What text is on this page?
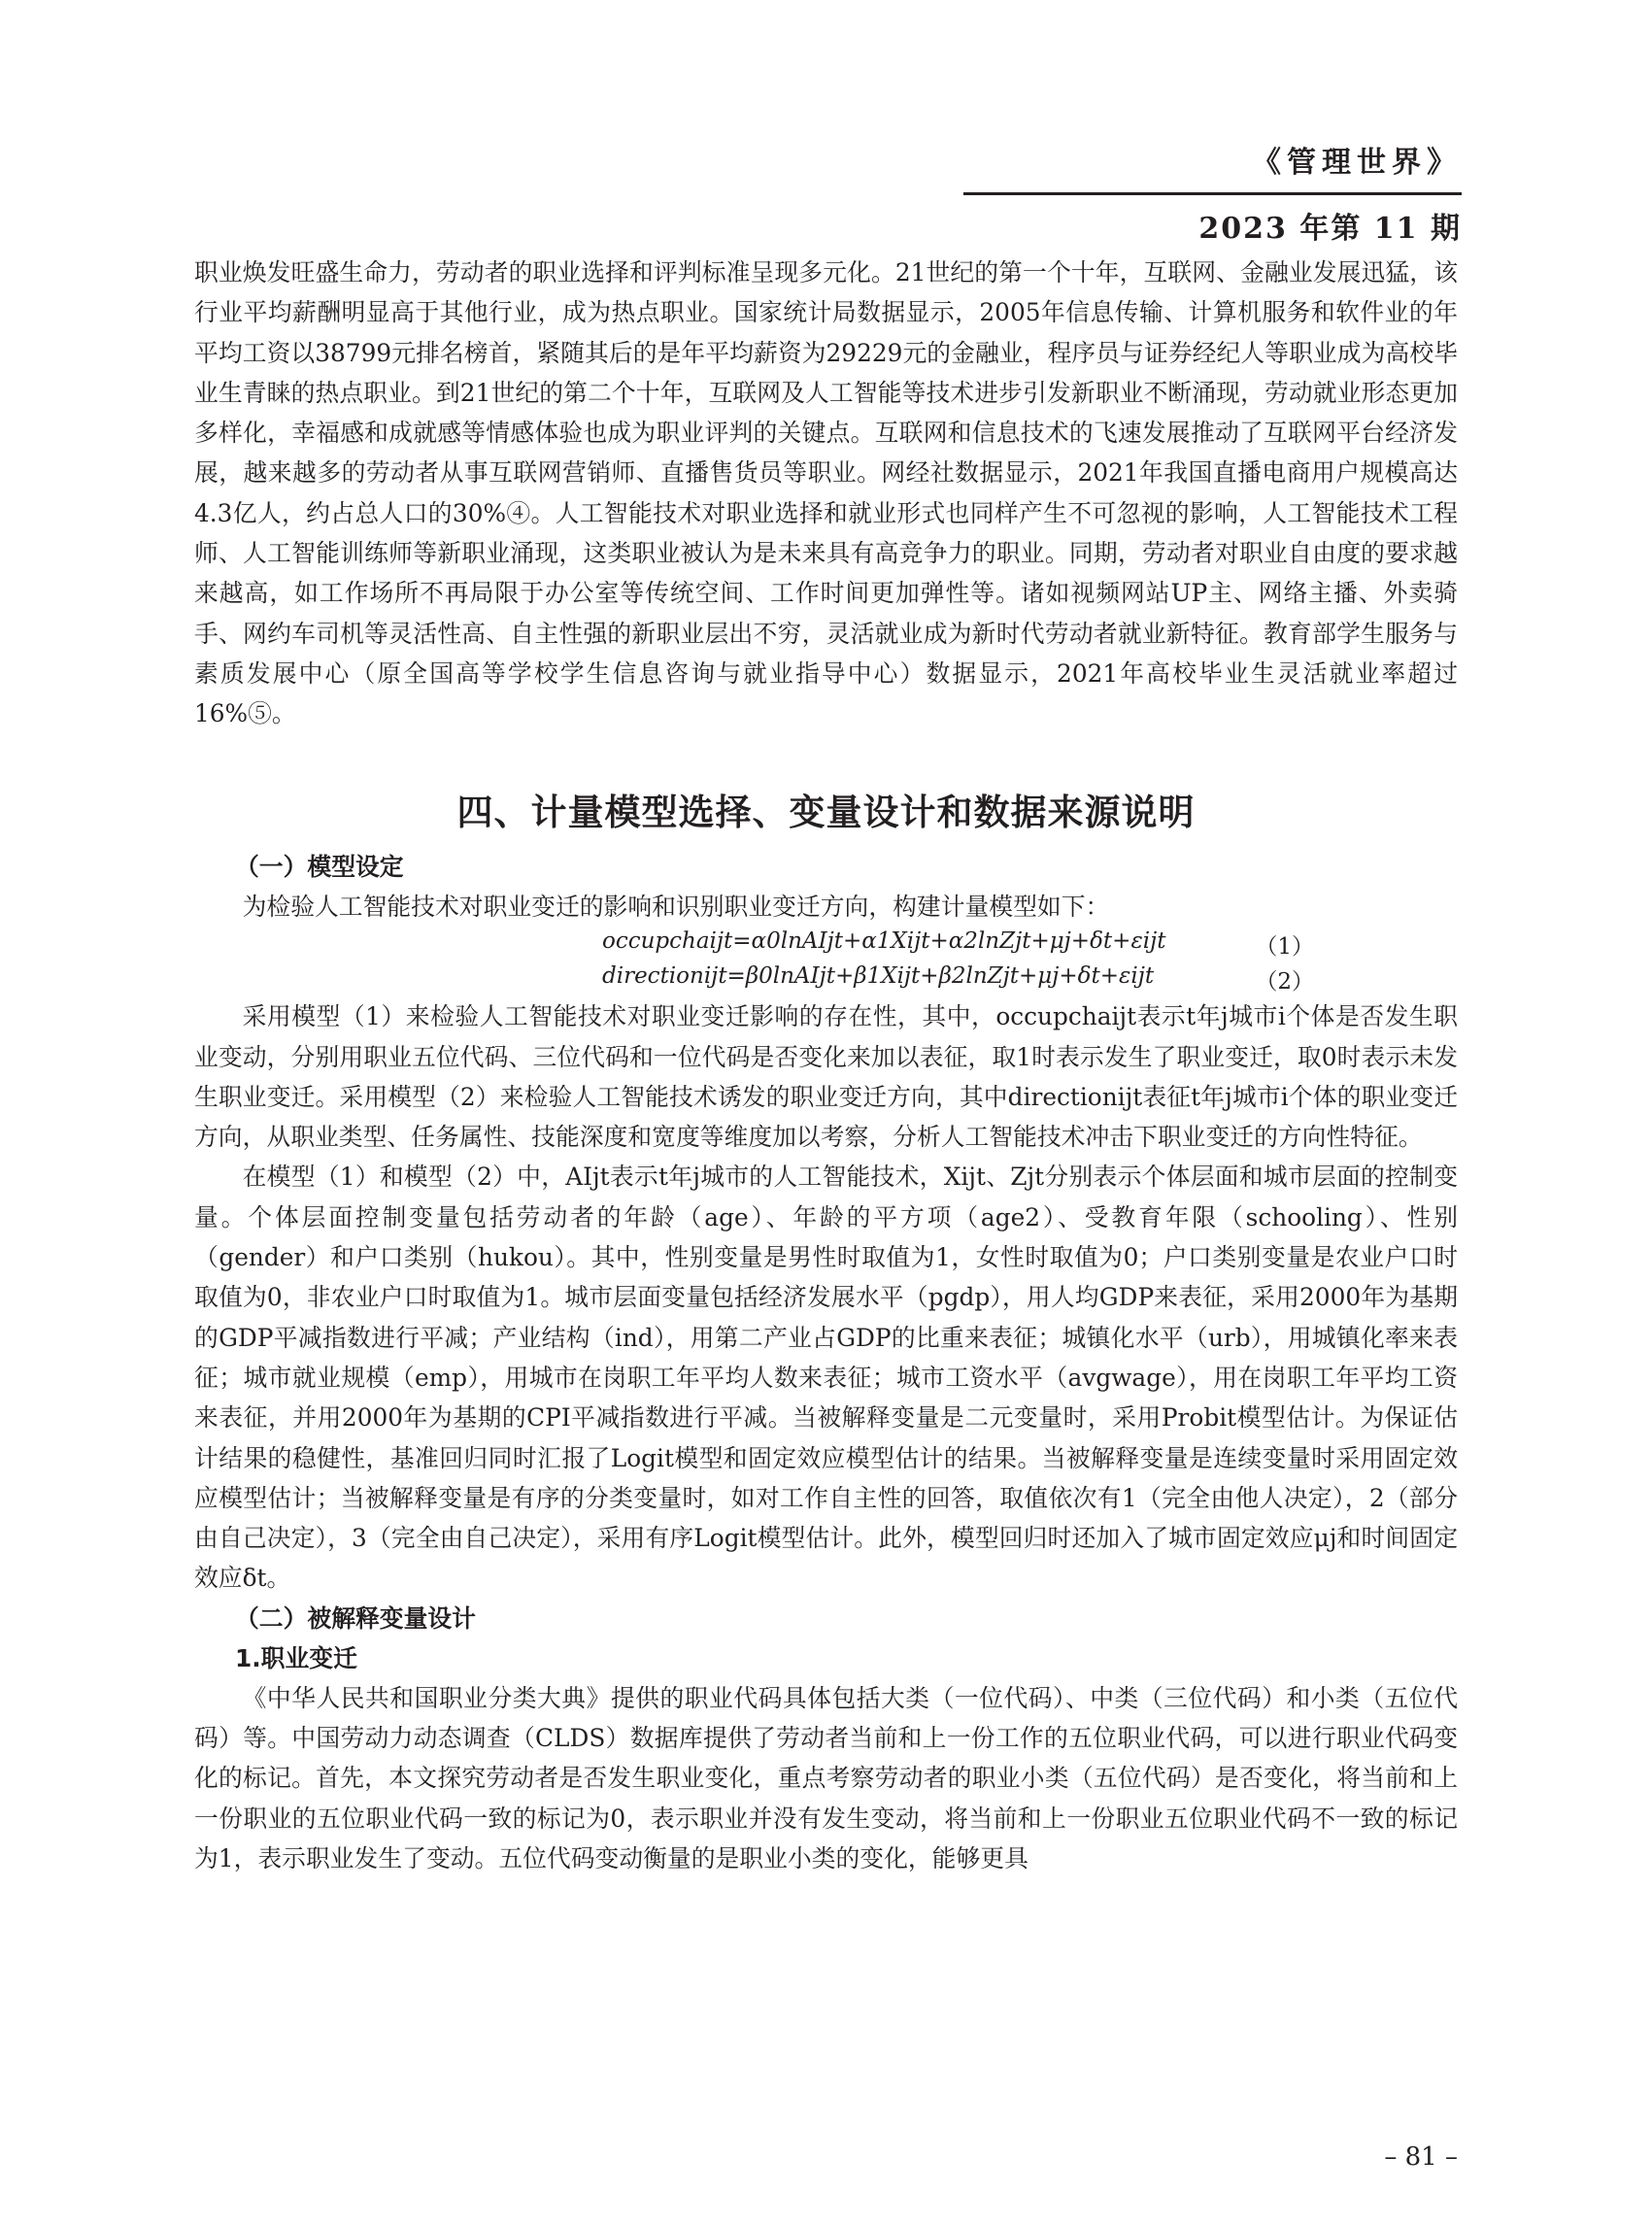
《管理世界》
2023 年第 11 期

职业焕发旺盛生命力，劳动者的职业选择和评判标准呈现多元化。21世纪的第一个十年，互联网、金融业发展迅猛，该行业平均薪酬明显高于其他行业，成为热点职业。国家统计局数据显示，2005年信息传输、计算机服务和软件业的年平均工资以38799元排名榜首，紧随其后的是年平均薪资为29229元的金融业，程序员与证券经纪人等职业成为高校毕业生青睐的热点职业。到21世纪的第二个十年，互联网及人工智能等技术进步引发新职业不断涌现，劳动就业形态更加多样化，幸福感和成就感等情感体验也成为职业评判的关键点。互联网和信息技术的飞速发展推动了互联网平台经济发展，越来越多的劳动者从事互联网营销师、直播售货员等职业。网经社数据显示，2021年我国直播电商用户规模高达4.3亿人，约占总人口的30%④。人工智能技术对职业选择和就业形式也同样产生不可忽视的影响，人工智能技术工程师、人工智能训练师等新职业涌现，这类职业被认为是未来具有高竞争力的职业。同期，劳动者对职业自由度的要求越来越高，如工作场所不再局限于办公室等传统空间、工作时间更加弹性等。诸如视频网站UP主、网络主播、外卖骑手、网约车司机等灵活性高、自主性强的新职业层出不穷，灵活就业成为新时代劳动者就业新特征。教育部学生服务与素质发展中心（原全国高等学校学生信息咨询与就业指导中心）数据显示，2021年高校毕业生灵活就业率超过16%⑤。

四、计量模型选择、变量设计和数据来源说明
（一）模型设定

为检验人工智能技术对职业变迁的影响和识别职业变迁方向，构建计量模型如下：

occupchaijt=α0lnAIjt+α1Xijt+α2lnZjt+μj+δt+εijt	（1）
directionijt=β0lnAIjt+β1Xijt+β2lnZjt+μj+δt+εijt	（2）

采用模型（1）来检验人工智能技术对职业变迁影响的存在性，其中，occupchaijt表示t年j城市i个体是否发生职业变动，分别用职业五位代码、三位代码和一位代码是否变化来加以表征，取1时表示发生了职业变迁，取0时表示未发生职业变迁。采用模型（2）来检验人工智能技术诱发的职业变迁方向，其中directionijt表征t年j城市i个体的职业变迁方向，从职业类型、任务属性、技能深度和宽度等维度加以考察，分析人工智能技术冲击下职业变迁的方向性特征。

在模型（1）和模型（2）中，AIjt表示t年j城市的人工智能技术，Xijt、Zjt分别表示个体层面和城市层面的控制变量。个体层面控制变量包括劳动者的年龄（age）、年龄的平方项（age2）、受教育年限（schooling）、性别（gender）和户口类别（hukou）。其中，性别变量是男性时取值为1，女性时取值为0；户口类别变量是农业户口时取值为0，非农业户口时取值为1。城市层面变量包括经济发展水平（pgdp），用人均GDP来表征，采用2000年为基期的GDP平减指数进行平减；产业结构（ind），用第二产业占GDP的比重来表征；城镇化水平（urb），用城镇化率来表征；城市就业规模（emp），用城市在岗职工年平均人数来表征；城市工资水平（avgwage），用在岗职工年平均工资来表征，并用2000年为基期的CPI平减指数进行平减。当被解释变量是二元变量时，采用Probit模型估计。为保证估计结果的稳健性，基准回归同时汇报了Logit模型和固定效应模型估计的结果。当被解释变量是连续变量时采用固定效应模型估计；当被解释变量是有序的分类变量时，如对工作自主性的回答，取值依次有1（完全由他人决定），2（部分由自己决定），3（完全由自己决定），采用有序Logit模型估计。此外，模型回归时还加入了城市固定效应μj和时间固定效应δt。

（二）被解释变量设计
1.职业变迁

《中华人民共和国职业分类大典》提供的职业代码具体包括大类（一位代码）、中类（三位代码）和小类（五位代码）等。中国劳动力动态调查（CLDS）数据库提供了劳动者当前和上一份工作的五位职业代码，可以进行职业代码变化的标记。首先，本文探究劳动者是否发生职业变化，重点考察劳动者的职业小类（五位代码）是否变化，将当前和上一份职业的五位职业代码一致的标记为0，表示职业并没有发生变动，将当前和上一份职业五位职业代码不一致的标记为1，表示职业发生了变动。五位代码变动衡量的是职业小类的变化，能够更具

– 81 –
